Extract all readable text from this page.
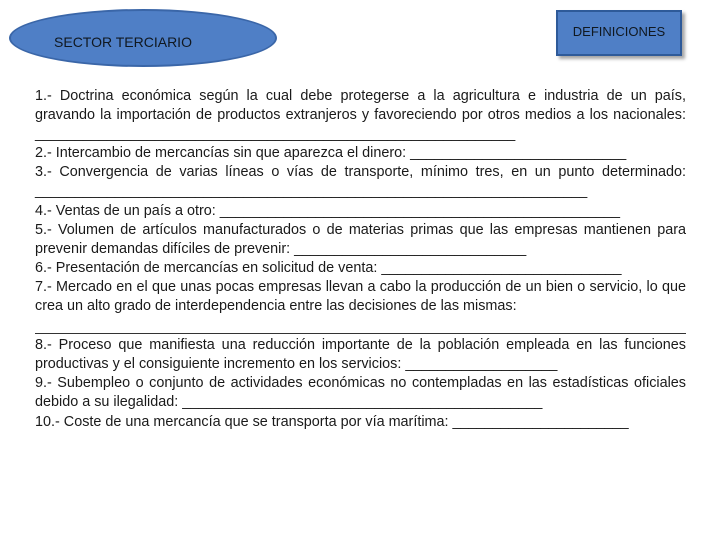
SECTOR TERCIARIO
DEFINICIONES

1.- Doctrina económica según la cual debe protegerse a la agricultura e industria de un país, gravando la importación de productos extranjeros y favoreciendo por otros medios a los nacionales: ____________________________________________________________

2.- Intercambio de mercancías sin que aparezca el dinero: ___________________________

3.- Convergencia de varias líneas o vías de transporte, mínimo tres, en un punto determinado: _____________________________________________________________________

4.- Ventas de un país a otro: __________________________________________________

5.- Volumen de artículos manufacturados o de materias primas que las empresas mantienen para prevenir demandas difíciles de prevenir: _____________________________

6.- Presentación de mercancías en solicitud de venta: ______________________________

7.- Mercado en el que unas pocas empresas llevan a cabo la producción de un bien o servicio, lo que crea un alto grado de interdependencia entre las decisiones de las mismas:

8.- Proceso que manifiesta una reducción importante de la población empleada en las funciones productivas y el consiguiente incremento en los servicios: ___________________

9.- Subempleo o conjunto de actividades económicas no contempladas en las estadísticas oficiales debido a su ilegalidad: _____________________________________________

10.- Coste de una mercancía que se transporta por vía marítima: ______________________
